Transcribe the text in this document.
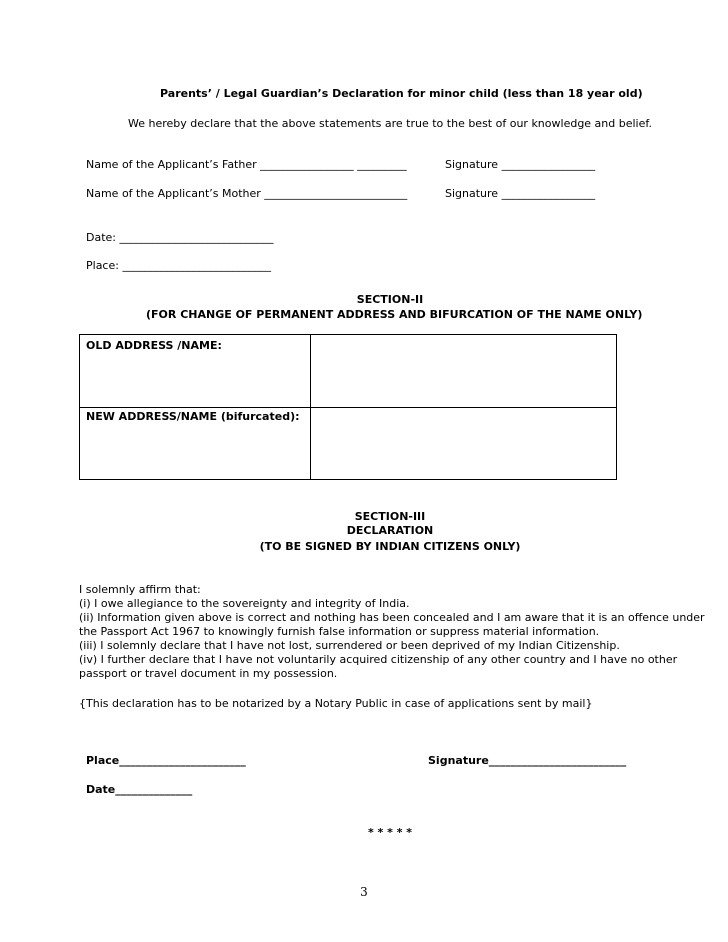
Parents’ / Legal Guardian’s Declaration for minor child (less than 18 year old)
We hereby declare that the above statements are true to the best of our knowledge and belief.
Name of the Applicant’s Father _________________ _________	Signature _________________
Name of the Applicant’s Mother __________________________	Signature _________________
Date: ____________________________
Place: ___________________________
SECTION-II
(FOR CHANGE OF PERMANENT ADDRESS AND BIFURCATION OF THE NAME ONLY)
OLD ADDRESS /NAME:
NEW ADDRESS/NAME (bifurcated):
SECTION-III
DECLARATION
(TO BE SIGNED BY INDIAN CITIZENS ONLY)
I solemnly affirm that:
(i) I owe allegiance to the sovereignty and integrity of India.
(ii) Information given above is correct and nothing has been concealed and I am aware that it is an offence under
the Passport Act 1967 to knowingly furnish false information or suppress material information.
(iii) I solemnly declare that I have not lost, surrendered or been deprived of my Indian Citizenship.
(iv) I further declare that I have not voluntarily acquired citizenship of any other country and I have no other
passport or travel document in my possession.
{This declaration has to be notarized by a Notary Public in case of applications sent by mail}
Place_______________________	Signature_________________________
Date______________
* * * * *
3
